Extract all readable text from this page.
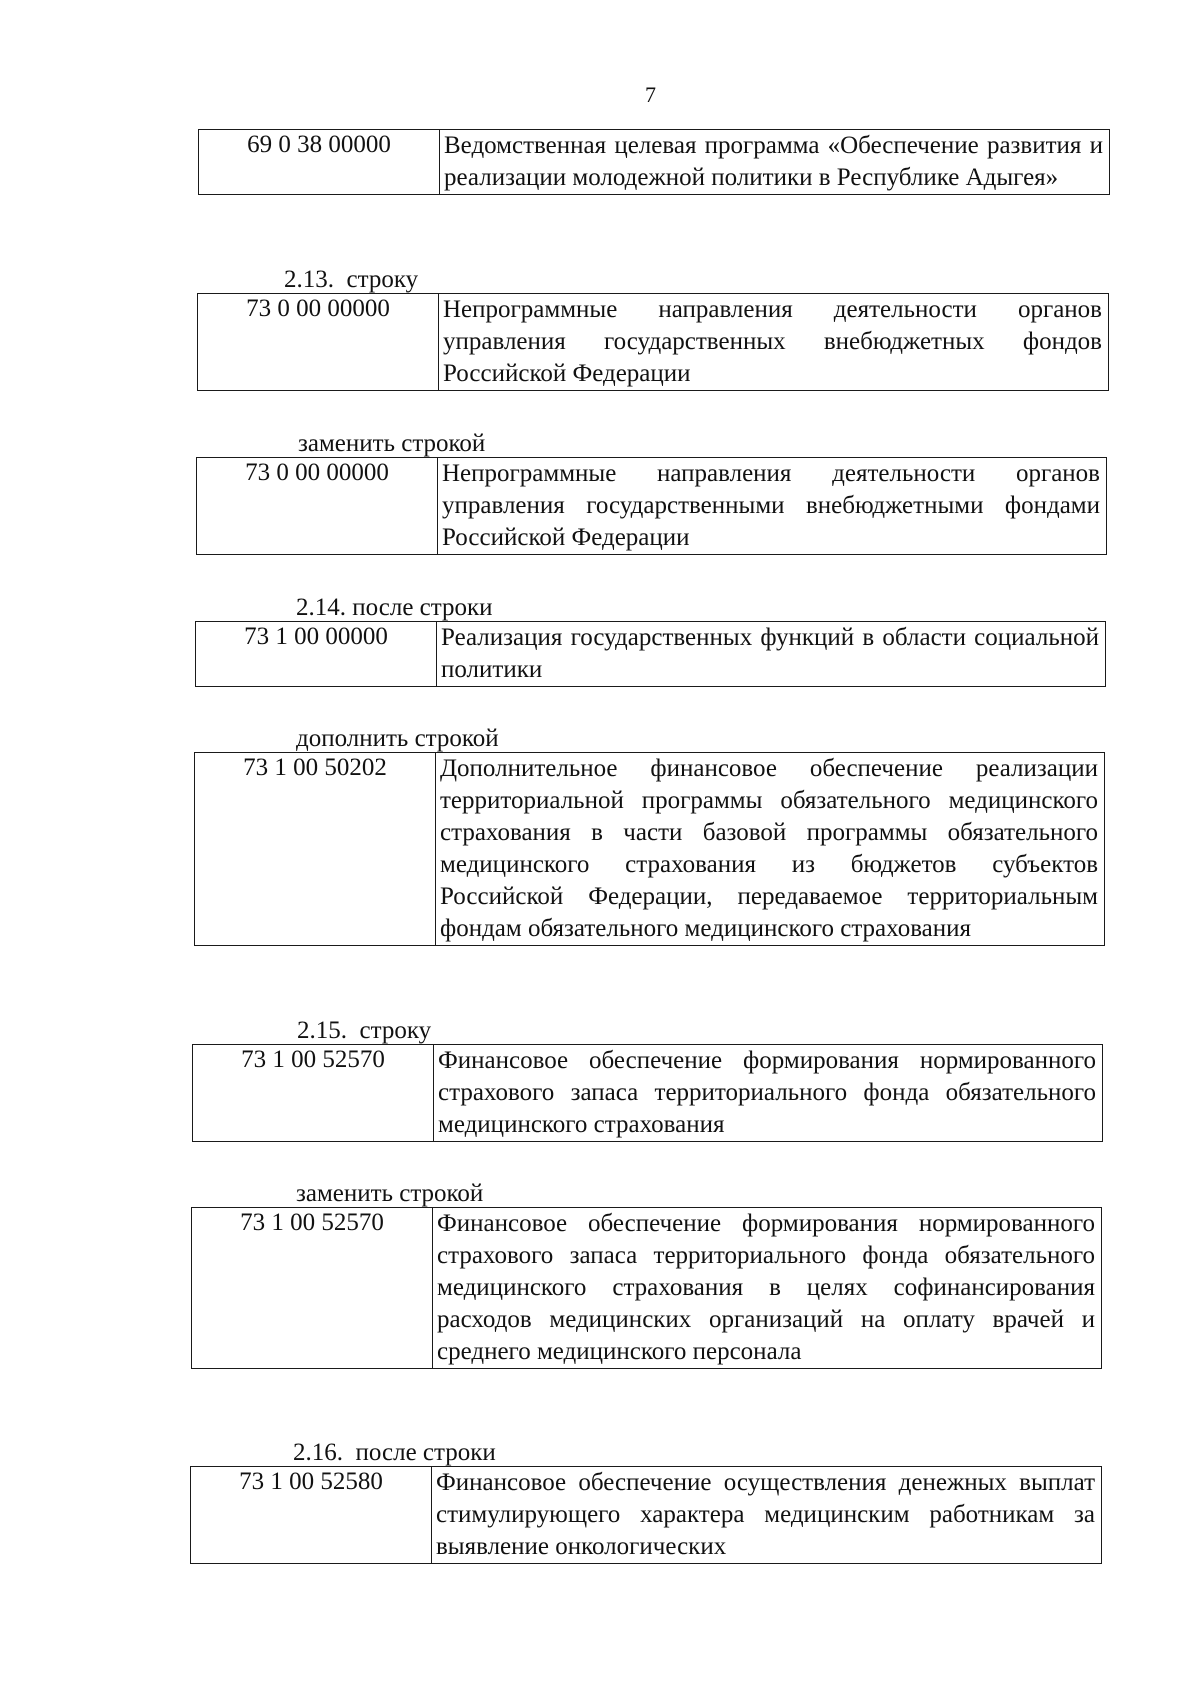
7
69 0 38 00000	Ведомственная целевая программа «Обеспечение развития и реализации молодежной политики в Республике Адыгея»
2.13.  строку
73 0 00 00000	Непрограммные направления деятельности органов управления государственных внебюджетных фондов Российской Федерации
заменить строкой
73 0 00 00000	Непрограммные направления деятельности органов управления государственными внебюджетными фондами Российской Федерации
2.14. после строки
73 1 00 00000	Реализация государственных функций в области социальной политики
дополнить строкой
73 1 00 50202	Дополнительное финансовое обеспечение реализации территориальной программы обязательного медицинского страхования в части базовой программы обязательного медицинского страхования из бюджетов субъектов Российской Федерации, передаваемое территориальным фондам обязательного медицинского страхования
2.15.  строку
73 1 00 52570	Финансовое обеспечение формирования нормированного страхового запаса территориального фонда обязательного медицинского страхования
заменить строкой
73 1 00 52570	Финансовое обеспечение формирования нормированного страхового запаса территориального фонда обязательного медицинского страхования в целях софинансирования расходов медицинских организаций на оплату врачей и среднего медицинского персонала
2.16.  после строки
73 1 00 52580	Финансовое обеспечение осуществления денежных выплат стимулирующего характера медицинским работникам за выявление онкологических
